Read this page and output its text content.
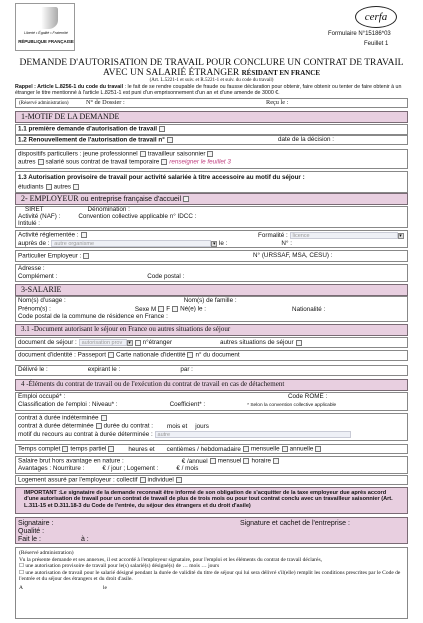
Liberté • Égalité • Fraternité
RÉPUBLIQUE FRANÇAISE
cerfa
Formulaire N°15186*03
Feuillet 1
DEMANDE D'AUTORISATION DE TRAVAIL POUR CONCLURE UN CONTRAT DE TRAVAIL
AVEC UN SALARIÉ ÉTRANGER RÉSIDANT EN FRANCE
(Art. L.5221-1 et suiv. et R.5221-1 et suiv. du code du travail)
Rappel : Article L.8256-1 du code du travail : le fait de se rendre coupable de fraude ou fausse déclaration pour obtenir, faire obtenir ou tenter de faire obtenir à un étranger le titre mentionné à l'article L.8251-1 est puni d'un emprisonnement d'un an et d'une amende de 3000 €.
(Réservé administration)	N° de Dossier :	Reçu le :
1-MOTIF DE LA DEMANDE
1.1 première demande d'autorisation de travail
1.2 Renouvellement de l'autorisation de travail n°	date de la décision :
dispositifs particuliers : jeune professionnel travailleur saisonnier
autres salarié sous contrat de travail temporaire renseigner le feuillet 3
1.3 Autorisation provisoire de travail pour activité salariée à titre accessoire au motif du séjour :
étudiants autres
2- EMPLOYEUR ou entreprise française d'accueil
SIRET	Dénomination :
Activité (NAF) :	Convention collective applicable n° IDCC :
Intitulé :
Activité réglementée :	Formalité : licence	▾
auprès de : autre organisme	▾ le :	N° :
Particulier Employeur :	N° (URSSAF, MSA, CESU) :
Adresse :
Complément :	Code postal :
3-SALARIE
Nom(s) d'usage :	Nom(s) de famille :
Prénom(s) :	Sexe M F Né(e) le :	Nationalité :
Code postal de la commune de résidence en France :
3.1 -Document autorisant le séjour en France ou autres situations de séjour
document de séjour : autorisation prov ▾ n°étranger	autres situations de séjour
document d'identité : Passeport Carte nationale d'identité n° du document
Délivré le :	expirant le :	par :
4 -Éléments du contrat de travail ou de l'exécution du contrat de travail en cas de détachement
Emploi occupé* :	Code ROME :
Classification de l'emploi : Niveau* :	Coefficient* :	* Selon la convention collective applicable
contrat à durée indéterminée
contrat à durée déterminée durée du contrat : mois et jours
motif du recours au contrat à durée déterminée : autre
Temps complet temps partiel	heures et centièmes / hebdomadaire mensuelle annuelle
Salaire brut hors avantage en nature :	€ /annuel mensuel horaire
Avantages : Nourriture :	€ / jour ; Logement :	€ / mois
Logement assuré par l'employeur : collectif individuel
IMPORTANT :Le signataire de la demande reconnait être informé de son obligation de s'acquitter de la taxe employeur due après accord d'une autorisation de travail pour un contrat de travail de plus de trois mois ou pour tout contrat conclu avec un travailleur saisonnier (Art. L.311-15 et D.311.18-3 du Code de l'entrée, du séjour des étrangers et du droit d'asile)
Signataire :	Signature et cachet de l'entreprise :
Qualité :
Fait le :	à :
(Réservé administration)
Vu la présente demande et ses annexes, il est accordé à l'employeur signataire, pour l'emploi et les éléments du contrat de travail déclarés,
☐ une autorisation provisoire de travail pour le(s) salarié(s) désigné(s) de … mois … jours
☐ une autorisation de travail pour le salarié désigné pendant la durée de validité du titre de séjour qui lui sera délivré s'il(elle) remplit les conditions prescrites par le Code de l'entrée et du séjour des étrangers et du droit d'asile.
A	le
